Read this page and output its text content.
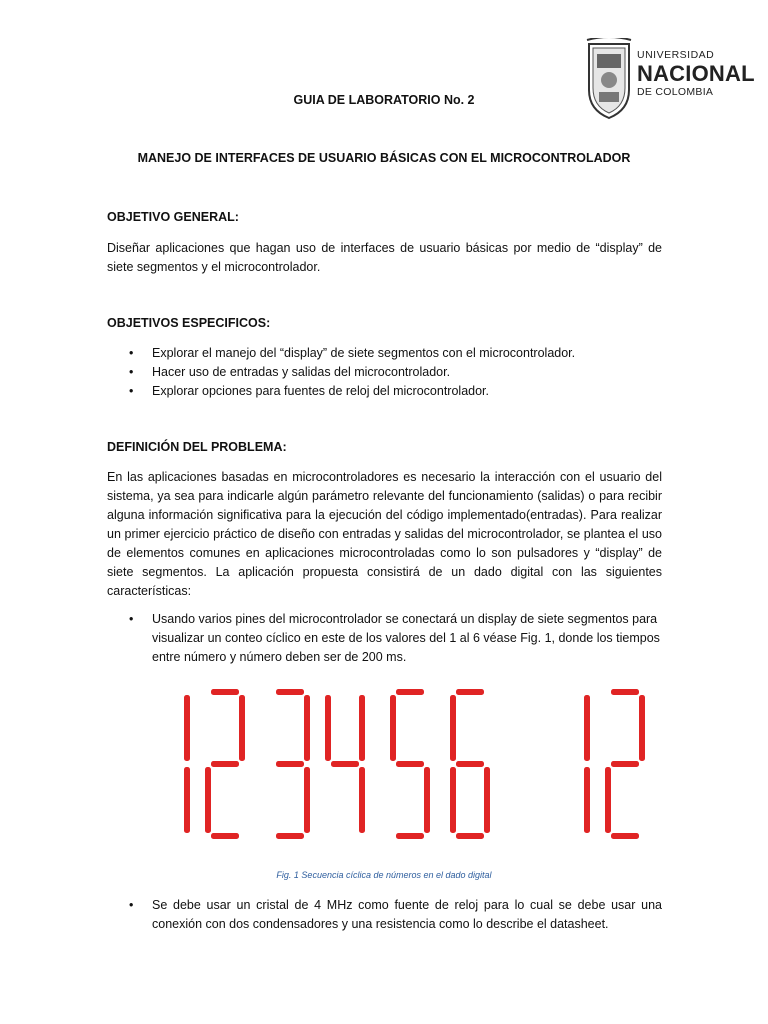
UNIVERSIDAD
NACIONAL
DE COLOMBIA
GUIA DE LABORATORIO No. 2
MANEJO DE INTERFACES DE USUARIO BÁSICAS CON EL MICROCONTROLADOR
OBJETIVO GENERAL:
Diseñar aplicaciones que hagan uso de interfaces de usuario básicas por medio de “display” de siete segmentos y el microcontrolador.
OBJETIVOS ESPECIFICOS:
• Explorar el manejo del “display” de siete segmentos con el microcontrolador.
• Hacer uso de entradas y salidas del microcontrolador.
• Explorar opciones para fuentes de reloj del microcontrolador.
DEFINICIÓN DEL PROBLEMA:
En las aplicaciones basadas en microcontroladores es necesario la interacción con el usuario del sistema, ya sea para indicarle algún parámetro relevante del funcionamiento (salidas) o para recibir alguna información significativa para la ejecución del código implementado(entradas). Para realizar un primer ejercicio práctico de diseño con entradas y salidas del microcontrolador, se plantea el uso de elementos comunes en aplicaciones microcontroladas como lo son pulsadores y “display” de siete segmentos. La aplicación propuesta consistirá de un dado digital con las siguientes características:
• Usando varios pines del microcontrolador se conectará un display de siete segmentos para visualizar un conteo cíclico en este de los valores del 1 al 6 véase Fig. 1, donde los tiempos entre número y número deben ser de 200 ms.
Fig. 1 Secuencia cíclica de números en el dado digital
• Se debe usar un cristal de 4 MHz como fuente de reloj para lo cual se debe usar una conexión con dos condensadores y una resistencia como lo describe el datasheet.
